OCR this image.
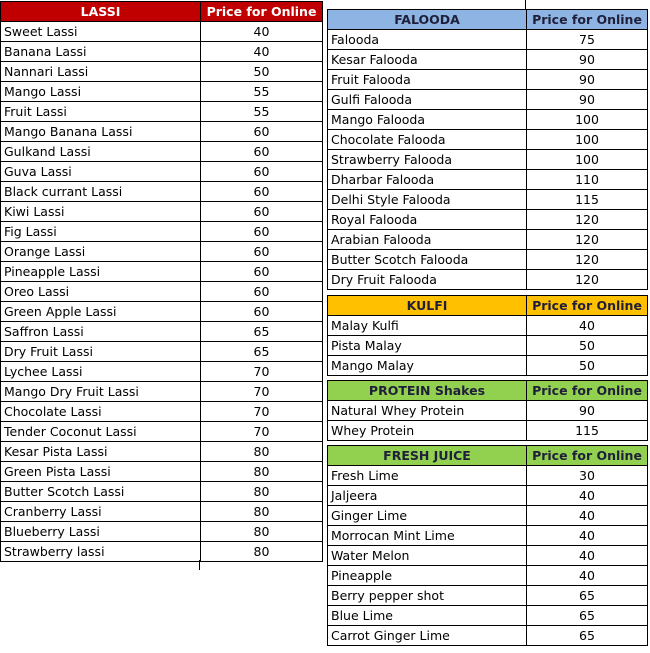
LASSI	Price for Online
Sweet Lassi	40
Banana Lassi	40
Nannari Lassi	50
Mango Lassi	55
Fruit Lassi	55
Mango Banana Lassi	60
Gulkand Lassi	60
Guva Lassi	60
Black currant Lassi	60
Kiwi Lassi	60
Fig Lassi	60
Orange Lassi	60
Pineapple Lassi	60
Oreo Lassi	60
Green Apple Lassi	60
Saffron Lassi	65
Dry Fruit Lassi	65
Lychee Lassi	70
Mango Dry Fruit Lassi	70
Chocolate Lassi	70
Tender Coconut Lassi	70
Kesar Pista Lassi	80
Green Pista Lassi	80
Butter Scotch Lassi	80
Cranberry Lassi	80
Blueberry Lassi	80
Strawberry lassi	80
FALOODA	Price for Online
Falooda	75
Kesar Falooda	90
Fruit Falooda	90
Gulfi Falooda	90
Mango Falooda	100
Chocolate Falooda	100
Strawberry Falooda	100
Dharbar Falooda	110
Delhi Style Falooda	115
Royal Falooda	120
Arabian Falooda	120
Butter Scotch Falooda	120
Dry Fruit Falooda	120
KULFI	Price for Online
Malay Kulfi	40
Pista Malay	50
Mango Malay	50
PROTEIN Shakes	Price for Online
Natural Whey Protein	90
Whey Protein	115
FRESH JUICE	Price for Online
Fresh Lime	30
Jaljeera	40
Ginger Lime	40
Morrocan Mint Lime	40
Water Melon	40
Pineapple	40
Berry pepper shot	65
Blue Lime	65
Carrot Ginger Lime	65
